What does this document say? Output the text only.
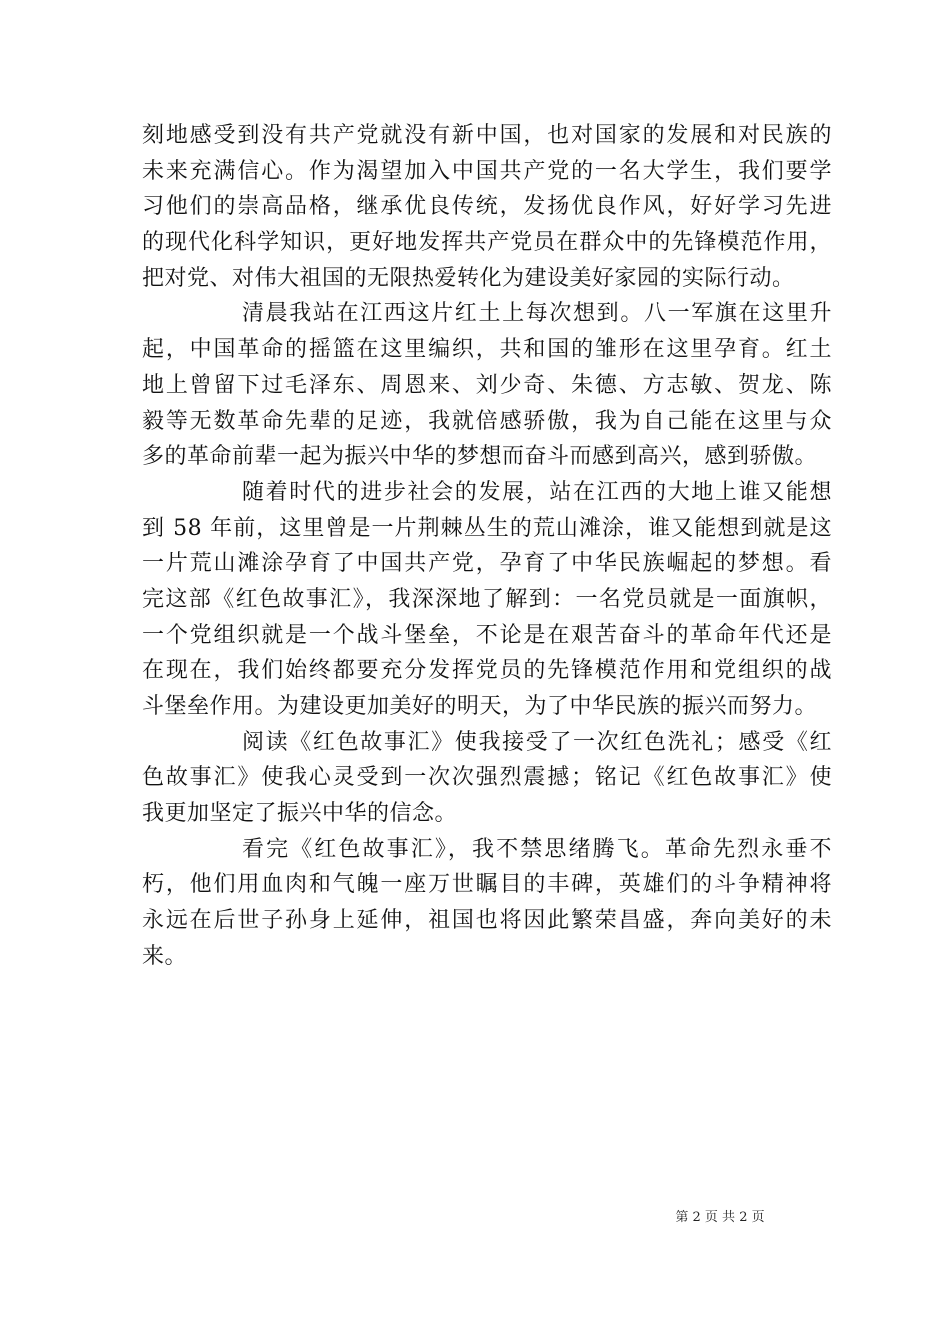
刻地感受到没有共产党就没有新中国，也对国家的发展和对民族的
未来充满信心。作为渴望加入中国共产党的一名大学生，我们要学
习他们的崇高品格，继承优良传统，发扬优良作风，好好学习先进
的现代化科学知识，更好地发挥共产党员在群众中的先锋模范作用，
把对党、对伟大祖国的无限热爱转化为建设美好家园的实际行动。
清晨我站在江西这片红土上每次想到。八一军旗在这里升
起，中国革命的摇篮在这里编织，共和国的雏形在这里孕育。红土
地上曾留下过毛泽东、周恩来、刘少奇、朱德、方志敏、贺龙、陈
毅等无数革命先辈的足迹，我就倍感骄傲，我为自己能在这里与众
多的革命前辈一起为振兴中华的梦想而奋斗而感到高兴，感到骄傲。
随着时代的进步社会的发展，站在江西的大地上谁又能想
到 58 年前，这里曾是一片荆棘丛生的荒山滩涂，谁又能想到就是这
一片荒山滩涂孕育了中国共产党，孕育了中华民族崛起的梦想。看
完这部《红色故事汇》，我深深地了解到：一名党员就是一面旗帜，
一个党组织就是一个战斗堡垒，不论是在艰苦奋斗的革命年代还是
在现在，我们始终都要充分发挥党员的先锋模范作用和党组织的战
斗堡垒作用。为建设更加美好的明天，为了中华民族的振兴而努力。
阅读《红色故事汇》使我接受了一次红色洗礼；感受《红
色故事汇》使我心灵受到一次次强烈震撼；铭记《红色故事汇》使
我更加坚定了振兴中华的信念。
看完《红色故事汇》，我不禁思绪腾飞。革命先烈永垂不
朽，他们用血肉和气魄一座万世瞩目的丰碑，英雄们的斗争精神将
永远在后世子孙身上延伸，祖国也将因此繁荣昌盛，奔向美好的未
来。
第 2 页 共 2 页
